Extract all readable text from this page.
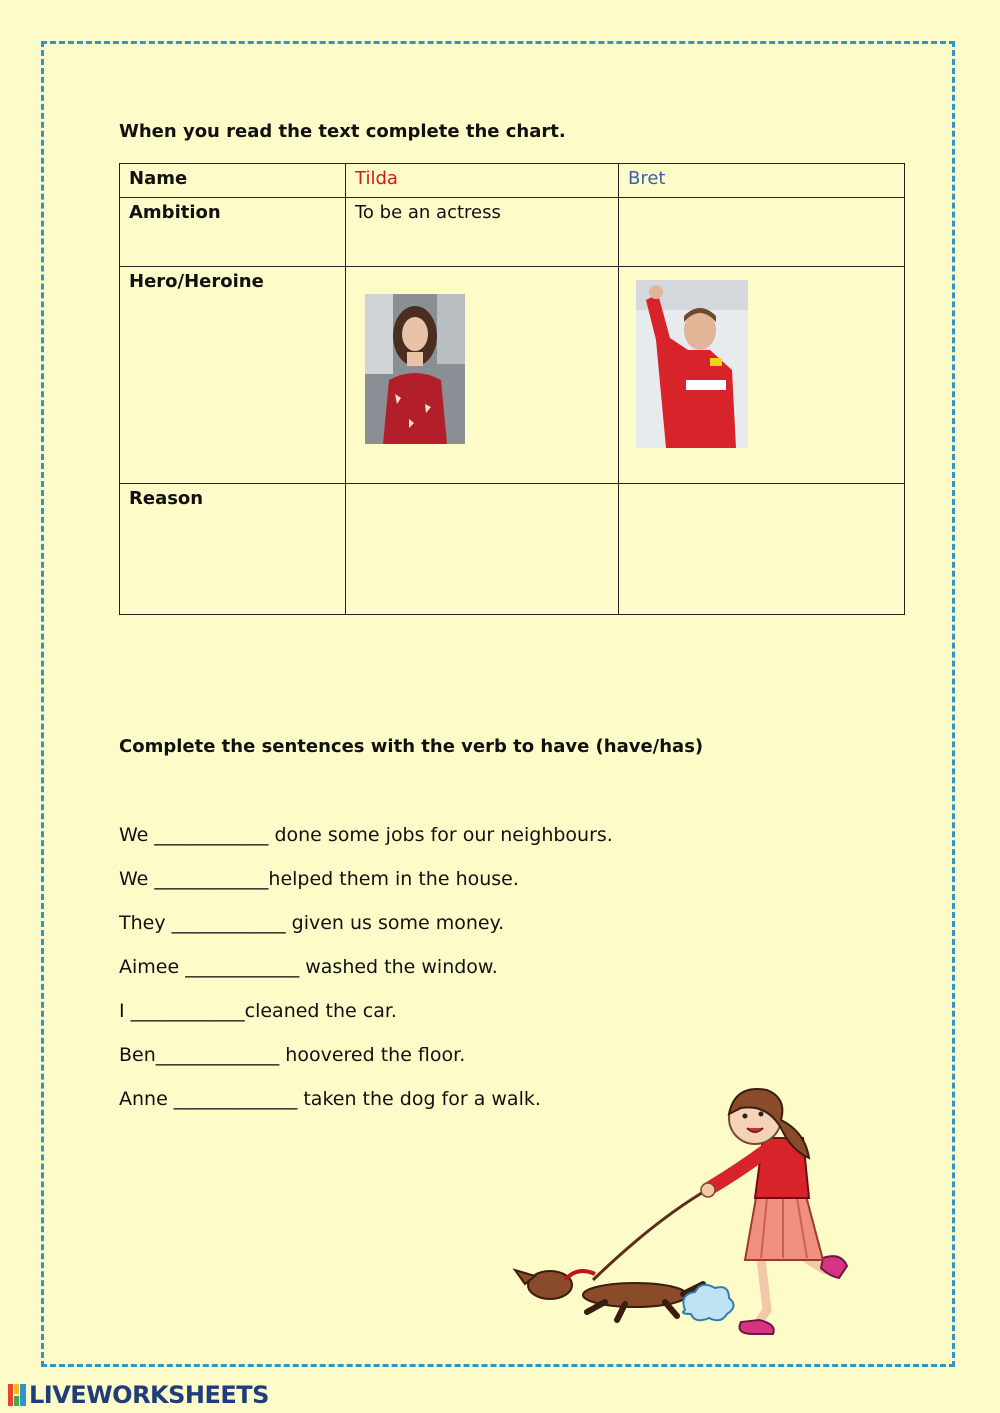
When you read the text complete the chart.
Name	Tilda	Bret
Ambition	To be an actress	
Hero/Heroine	

Reason		
Complete the sentences with the verb to have (have/has)
We ____________ done some jobs for our neighbours.
We ____________helped them in the house.
They ____________ given us some money.
Aimee ____________ washed the window.
I ____________cleaned the car.
Ben_____________ hoovered the floor.
Anne _____________ taken the dog for a walk.
LIVEWORKSHEETS
